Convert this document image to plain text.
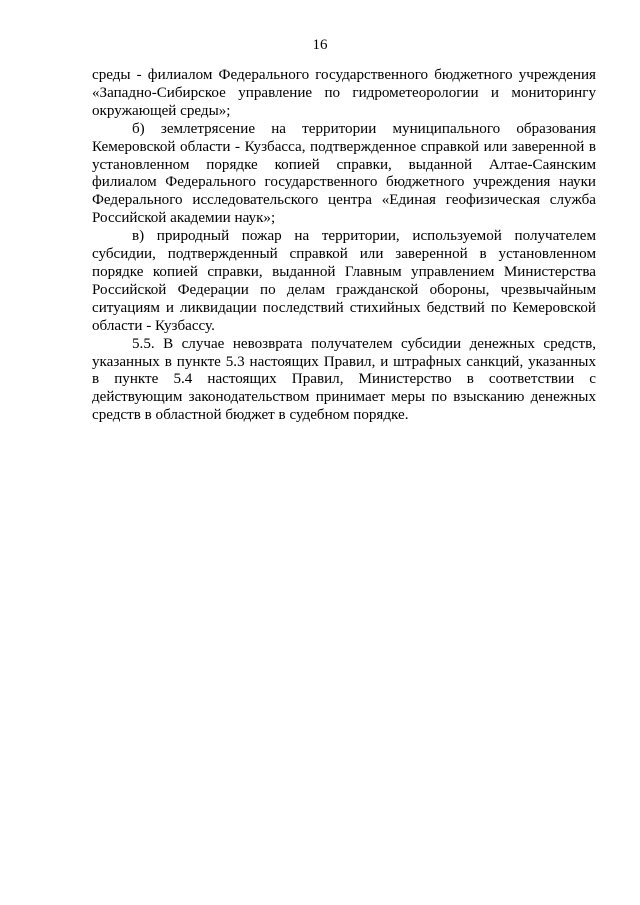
16

среды - филиалом Федерального государственного бюджетного учреждения «Западно-Сибирское управление по гидрометеорологии и мониторингу окружающей среды»;

б) землетрясение на территории муниципального образования Кемеровской области - Кузбасса, подтвержденное справкой или заверенной в установленном порядке копией справки, выданной Алтае-Саянским филиалом Федерального государственного бюджетного учреждения науки Федерального исследовательского центра «Единая геофизическая служба Российской академии наук»;

в) природный пожар на территории, используемой получателем субсидии, подтвержденный справкой или заверенной в установленном порядке копией справки, выданной Главным управлением Министерства Российской Федерации по делам гражданской обороны, чрезвычайным ситуациям и ликвидации последствий стихийных бедствий по Кемеровской области - Кузбассу.

5.5. В случае невозврата получателем субсидии денежных средств, указанных в пункте 5.3 настоящих Правил, и штрафных санкций, указанных в пункте 5.4 настоящих Правил, Министерство в соответствии с действующим законодательством принимает меры по взысканию денежных средств в областной бюджет в судебном порядке.
